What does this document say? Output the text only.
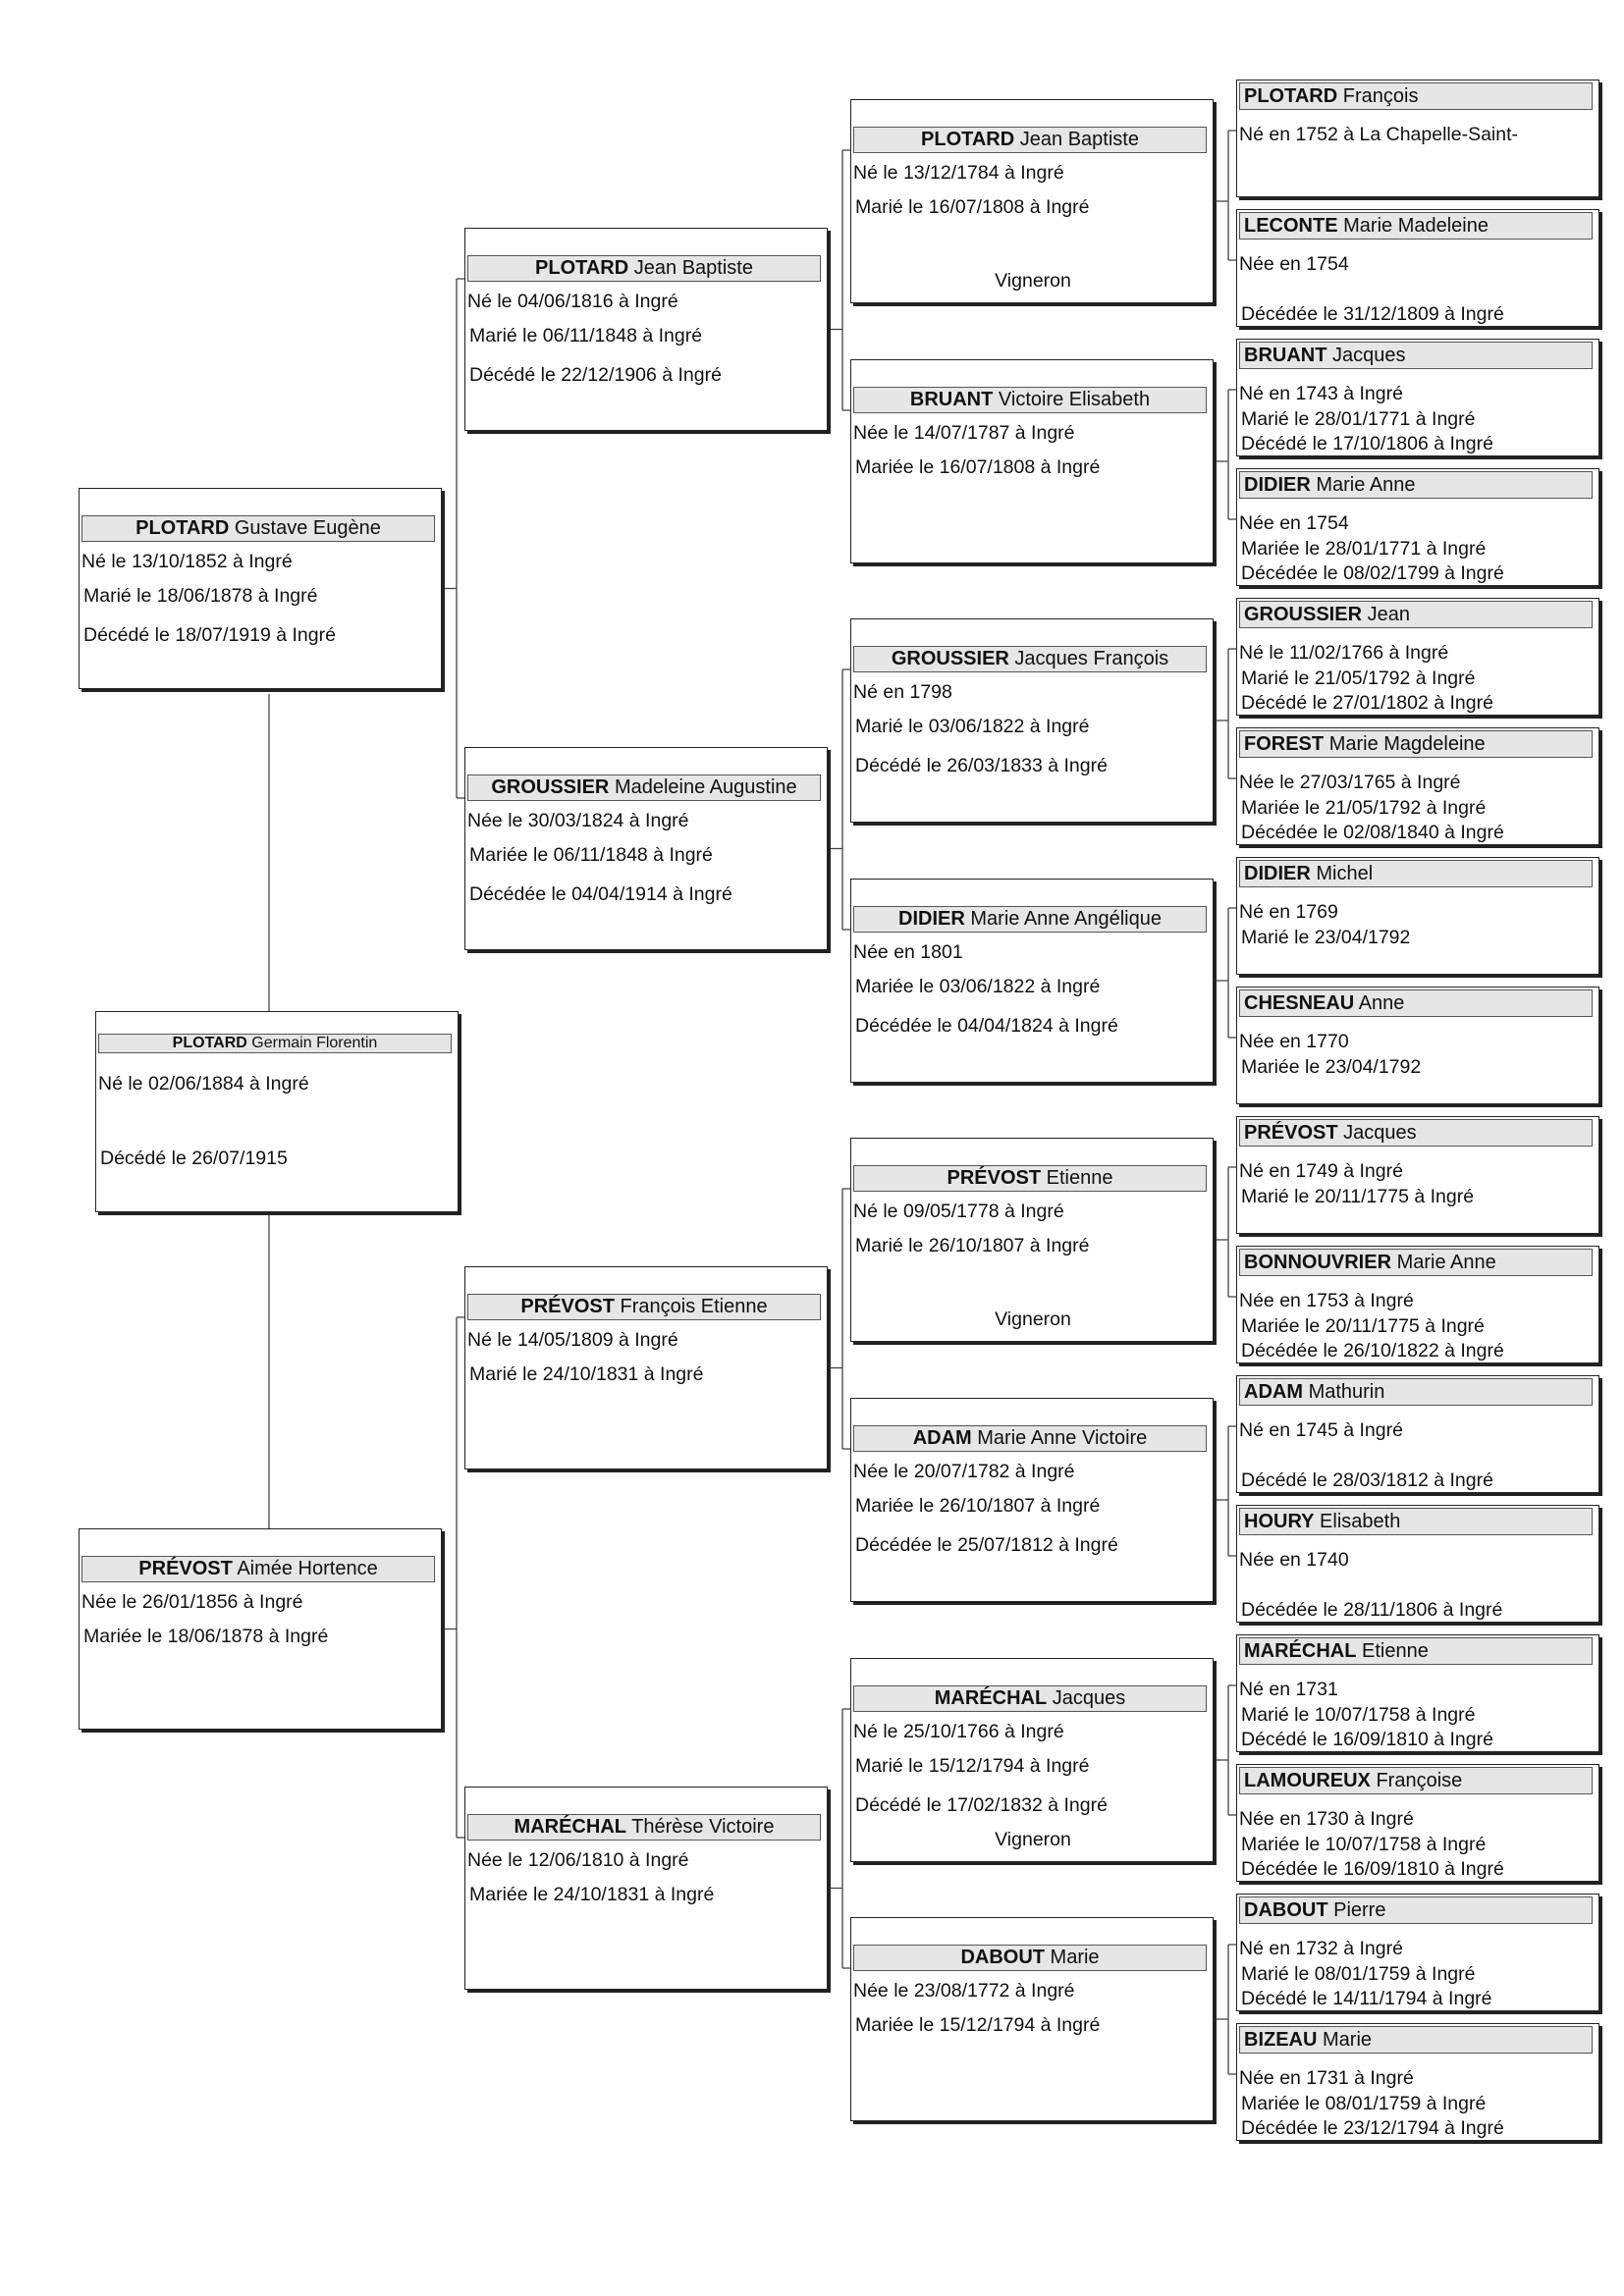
PLOTARD Germain Florentin
Né le 02/06/1884 à Ingré
Décédé le 26/07/1915
PLOTARD Gustave Eugène
Né le 13/10/1852 à Ingré
Marié le 18/06/1878 à Ingré
Décédé le 18/07/1919 à Ingré
PRÉVOST Aimée Hortence
Née le 26/01/1856 à Ingré
Mariée le 18/06/1878 à Ingré
PLOTARD Jean Baptiste
Né le 04/06/1816 à Ingré
Marié le 06/11/1848 à Ingré
Décédé le 22/12/1906 à Ingré
GROUSSIER Madeleine Augustine
Née le 30/03/1824 à Ingré
Mariée le 06/11/1848 à Ingré
Décédée le 04/04/1914 à Ingré
PRÉVOST François Etienne
Né le 14/05/1809 à Ingré
Marié le 24/10/1831 à Ingré
MARÉCHAL Thérèse Victoire
Née le 12/06/1810 à Ingré
Mariée le 24/10/1831 à Ingré
PLOTARD Jean Baptiste
Né le 13/12/1784 à Ingré
Marié le 16/07/1808 à Ingré
Vigneron
BRUANT Victoire Elisabeth
Née le 14/07/1787 à Ingré
Mariée le 16/07/1808 à Ingré
GROUSSIER Jacques François
Né en 1798
Marié le 03/06/1822 à Ingré
Décédé le 26/03/1833 à Ingré
DIDIER Marie Anne Angélique
Née en 1801
Mariée le 03/06/1822 à Ingré
Décédée le 04/04/1824 à Ingré
PRÉVOST Etienne
Né le 09/05/1778 à Ingré
Marié le 26/10/1807 à Ingré
Vigneron
ADAM Marie Anne Victoire
Née le 20/07/1782 à Ingré
Mariée le 26/10/1807 à Ingré
Décédée le 25/07/1812 à Ingré
MARÉCHAL Jacques
Né le 25/10/1766 à Ingré
Marié le 15/12/1794 à Ingré
Décédé le 17/02/1832 à Ingré
Vigneron
DABOUT Marie
Née le 23/08/1772 à Ingré
Mariée le 15/12/1794 à Ingré
PLOTARD François
Né en 1752 à La Chapelle-Saint-
LECONTE Marie Madeleine
Née en 1754
Décédée le 31/12/1809 à Ingré
BRUANT Jacques
Né en 1743 à Ingré
Marié le 28/01/1771 à Ingré
Décédé le 17/10/1806 à Ingré
DIDIER Marie Anne
Née en 1754
Mariée le 28/01/1771 à Ingré
Décédée le 08/02/1799 à Ingré
GROUSSIER Jean
Né le 11/02/1766 à Ingré
Marié le 21/05/1792 à Ingré
Décédé le 27/01/1802 à Ingré
FOREST Marie Magdeleine
Née le 27/03/1765 à Ingré
Mariée le 21/05/1792 à Ingré
Décédée le 02/08/1840 à Ingré
DIDIER Michel
Né en 1769
Marié le 23/04/1792
CHESNEAU Anne
Née en 1770
Mariée le 23/04/1792
PRÉVOST Jacques
Né en 1749 à Ingré
Marié le 20/11/1775 à Ingré
BONNOUVRIER Marie Anne
Née en 1753 à Ingré
Mariée le 20/11/1775 à Ingré
Décédée le 26/10/1822 à Ingré
ADAM Mathurin
Né en 1745 à Ingré
Décédé le 28/03/1812 à Ingré
HOURY Elisabeth
Née en 1740
Décédée le 28/11/1806 à Ingré
MARÉCHAL Etienne
Né en 1731
Marié le 10/07/1758 à Ingré
Décédé le 16/09/1810 à Ingré
LAMOUREUX Françoise
Née en 1730 à Ingré
Mariée le 10/07/1758 à Ingré
Décédée le 16/09/1810 à Ingré
DABOUT Pierre
Né en 1732 à Ingré
Marié le 08/01/1759 à Ingré
Décédé le 14/11/1794 à Ingré
BIZEAU Marie
Née en 1731 à Ingré
Mariée le 08/01/1759 à Ingré
Décédée le 23/12/1794 à Ingré
